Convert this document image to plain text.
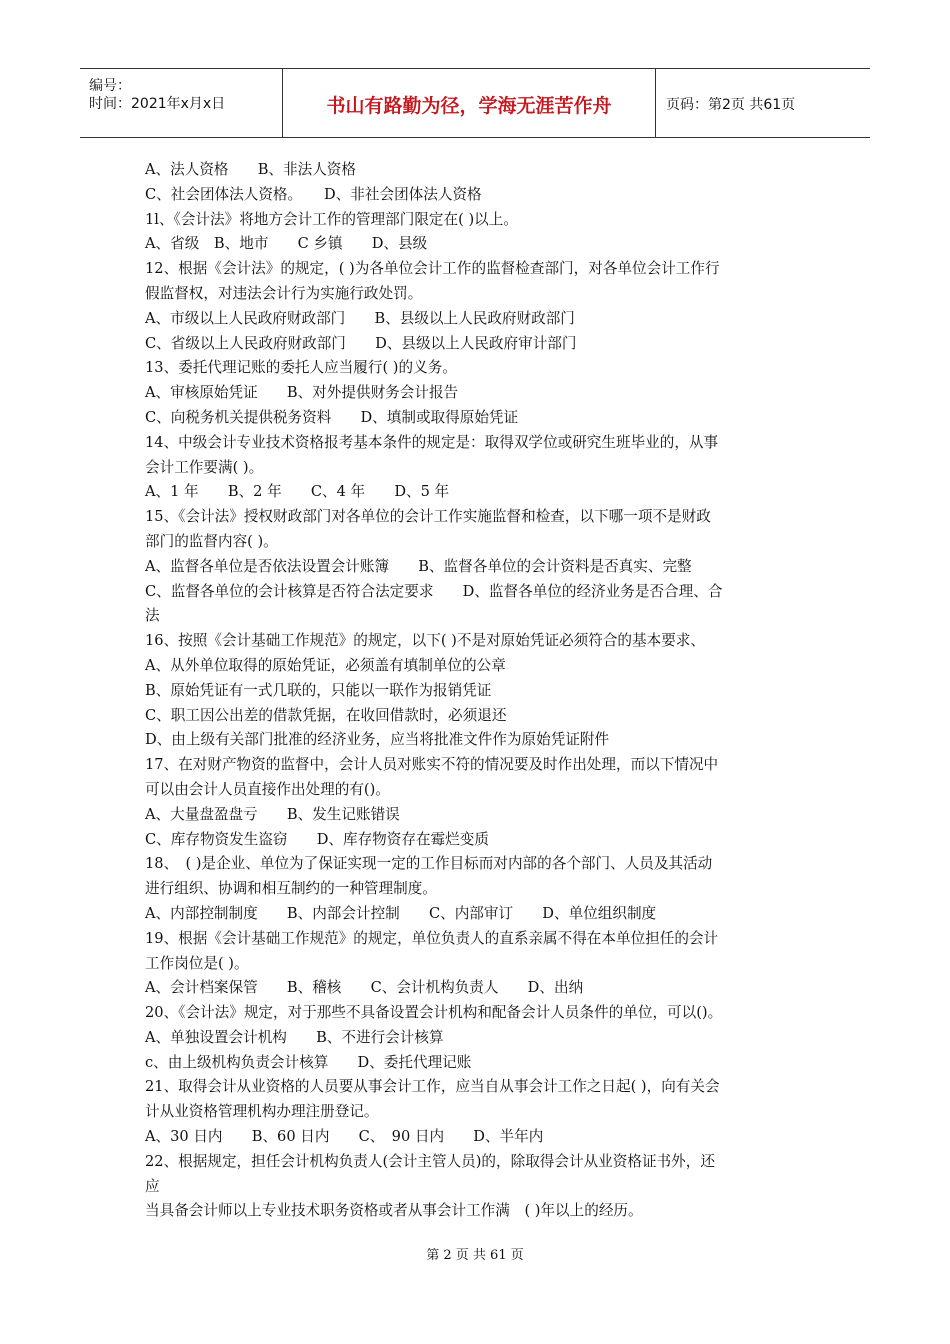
编号：
时间：2021年x月x日	书山有路勤为径，学海无涯苦作舟	页码：第2页 共61页
A、法人资格　　B、非法人资格
C、社会团体法人资格。　　D、非社会团体法人资格
1l、《会计法》将地方会计工作的管理部门限定在( )以上。
A、省级　B、地市　　C 乡镇　　D、县级
12、根据《会计法》的规定，( )为各单位会计工作的监督检查部门，对各单位会计工作行
假监督权，对违法会计行为实施行政处罚。
A、市级以上人民政府财政部门　　B、县级以上人民政府财政部门
C、省级以上人民政府财政部门　　D、县级以上人民政府审计部门
13、委托代理记账的委托人应当履行( )的义务。
A、审核原始凭证　　B、对外提供财务会计报告
C、向税务机关提供税务资料　　D、填制或取得原始凭证
14、中级会计专业技术资格报考基本条件的规定是：取得双学位或研究生班毕业的，从事
会计工作要满( )。
A、1 年　　B、2 年　　C、4 年　　D、5 年
15、《会计法》授权财政部门对各单位的会计工作实施监督和检查，以下哪一项不是财政
部门的监督内容( )。
A、监督各单位是否依法设置会计账簿　　B、监督各单位的会计资料是否真实、完整
C、监督各单位的会计核算是否符合法定要求　　D、监督各单位的经济业务是否合理、合
法
16、按照《会计基础工作规范》的规定，以下( )不是对原始凭证必须符合的基本要求、
A、从外单位取得的原始凭证，必须盖有填制单位的公章
B、原始凭证有一式几联的，只能以一联作为报销凭证
C、职工因公出差的借款凭据，在收回借款时，必须退还
D、由上级有关部门批准的经济业务，应当将批准文件作为原始凭证附件
17、在对财产物资的监督中，会计人员对账实不符的情况要及时作出处理，而以下情况中
可以由会计人员直接作出处理的有()。
A、大量盘盈盘亏　　B、发生记账错误
C、库存物资发生盗窃　　D、库存物资存在霉烂变质
18、　( )是企业、单位为了保证实现一定的工作目标而对内部的各个部门、人员及其活动
进行组织、协调和相互制约的一种管理制度。
A、内部控制制度　　B、内部会计控制　　C、内部审订　　D、单位组织制度
19、根据《会计基础工作规范》的规定，单位负责人的直系亲属不得在本单位担任的会计
工作岗位是( )。
A、会计档案保管　　B、稽核　　C、会计机构负责人　　D、出纳
20、《会计法》规定，对于那些不具备设置会计机构和配备会计人员条件的单位，可以()。
A、单独设置会计机构　　B、不进行会计核算
c、由上级机构负责会计核算　　D、委托代理记账
21、取得会计从业资格的人员要从事会计工作，应当自从事会计工作之日起( )，向有关会
计从业资格管理机构办理注册登记。
A、30 日内　　B、60 日内　　C、　90 日内　　D、半年内
22、根据规定，担任会计机构负责人(会计主管人员)的，除取得会计从业资格证书外，还
应
当具备会计师以上专业技术职务资格或者从事会计工作满　( )年以上的经历。
第 2 页 共 61 页
